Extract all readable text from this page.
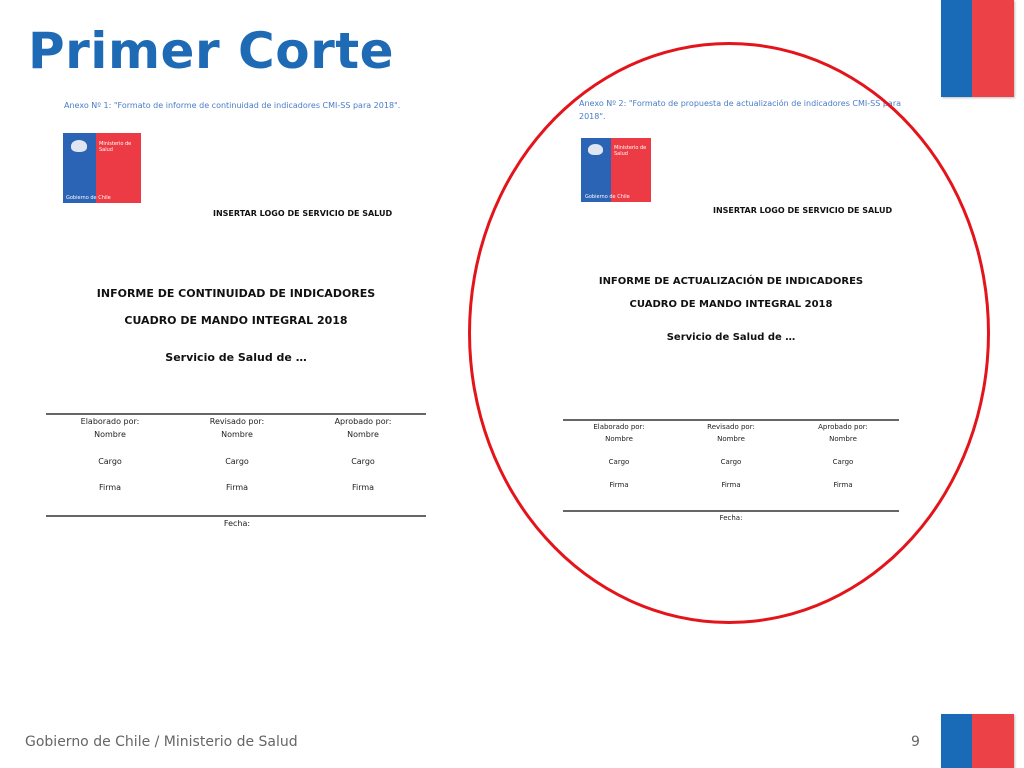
Primer Corte
Anexo Nº 1: "Formato de informe de continuidad de indicadores CMI-SS para 2018".
Ministerio de
Salud
Gobierno de Chile
INSERTAR LOGO DE SERVICIO DE SALUD
INFORME DE CONTINUIDAD DE INDICADORES
CUADRO DE MANDO INTEGRAL 2018
Servicio de Salud de …
Elaborado por:	Revisado por:	Aprobado por:
Nombre	Nombre	Nombre
Cargo	Cargo	Cargo
Firma	Firma	Firma
Fecha:
Anexo Nº 2: "Formato de propuesta de actualización de indicadores CMI-SS para
2018".
Ministerio de
Salud
Gobierno de Chile
INSERTAR LOGO DE SERVICIO DE SALUD
INFORME DE ACTUALIZACIÓN DE INDICADORES
CUADRO DE MANDO INTEGRAL 2018
Servicio de Salud de …
Elaborado por:	Revisado por:	Aprobado por:
Nombre	Nombre	Nombre
Cargo	Cargo	Cargo
Firma	Firma	Firma
Fecha:
Gobierno de Chile / Ministerio de Salud	9
